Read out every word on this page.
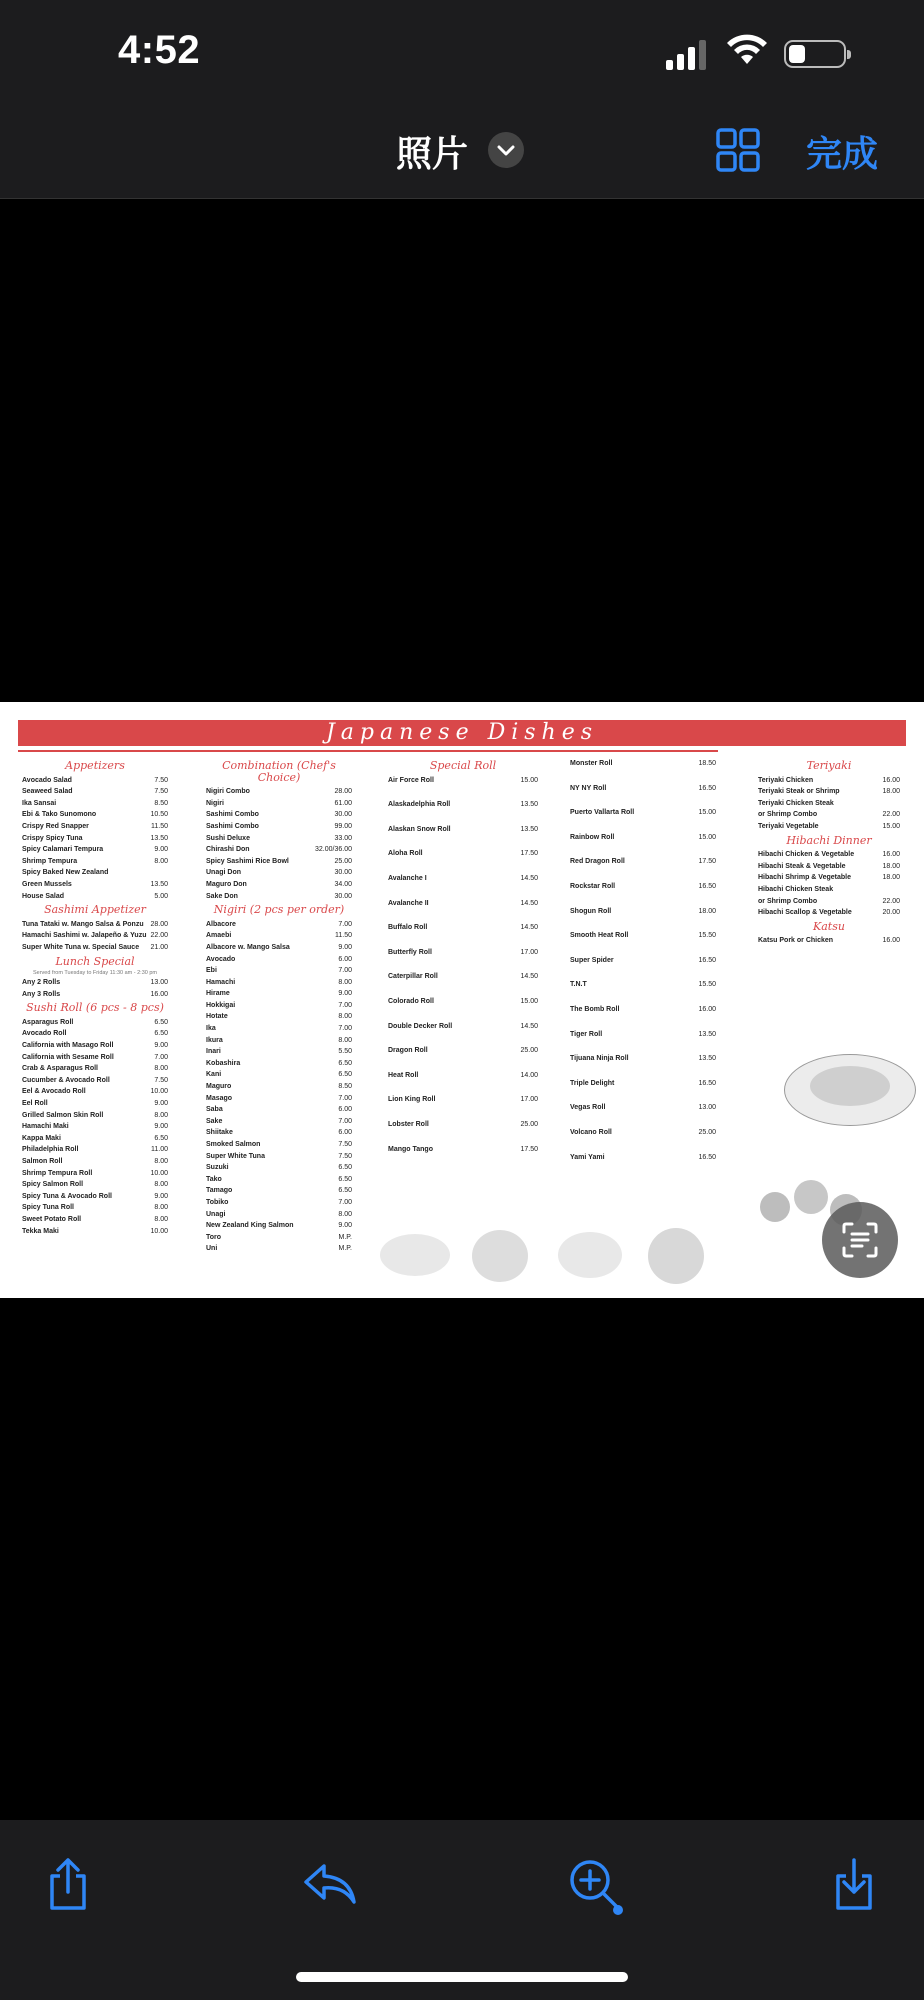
4:52
照片	完成
Japanese Dishes
Appetizers
Avocado Salad	7.50
Seaweed Salad	7.50
Ika Sansai	8.50
Ebi & Tako Sunomono	10.50
Crispy Red Snapper	11.50
Crispy Spicy Tuna	13.50
Spicy Calamari Tempura	9.00
Shrimp Tempura	8.00
Spicy Baked New Zealand
Green Mussels	13.50
House Salad	5.00
Sashimi Appetizer
Tuna Tataki w. Mango Salsa & Ponzu 28.00
Hamachi Sashimi w. Jalapeño & Yuzu 22.00
Super White Tuna w. Special Sauce 21.00
Lunch Special
Served from Tuesday to Friday 11:30 am - 2:30 pm
Any 2 Rolls	13.00
Any 3 Rolls	16.00
Sushi Roll (6 pcs - 8 pcs)
Asparagus Roll	6.50
Avocado Roll	6.50
California with Masago Roll	9.00
California with Sesame Roll	7.00
Crab & Asparagus Roll	8.00
Cucumber & Avocado Roll	7.50
Eel & Avocado Roll	10.00
Eel Roll	9.00
Grilled Salmon Skin Roll	8.00
Hamachi Maki	9.00
Kappa Maki	6.50
Philadelphia Roll	11.00
Salmon Roll	8.00
Shrimp Tempura Roll	10.00
Spicy Salmon Roll	8.00
Spicy Tuna & Avocado Roll	9.00
Spicy Tuna Roll	8.00
Sweet Potato Roll	8.00
Tekka Maki	10.00
Combination (Chef's Choice)
Nigiri Combo	28.00
Nigiri	61.00
Sashimi Combo	30.00
Sashimi Combo	99.00
Sushi Deluxe	33.00
Chirashi Don	32.00/36.00
Spicy Sashimi Rice Bowl	25.00
Unagi Don	30.00
Maguro Don	34.00
Sake Don	30.00
Nigiri (2 pcs per order)
Albacore	7.00
Amaebi	11.50
Albacore w. Mango Salsa	9.00
Avocado	6.00
Ebi	7.00
Hamachi	8.00
Hirame	9.00
Hokkigai	7.00
Hotate	8.00
Ika	7.00
Ikura	8.00
Inari	5.50
Kobashira	6.50
Kani	6.50
Maguro	8.50
Masago	7.00
Saba	6.00
Sake	7.00
Shiitake	6.00
Smoked Salmon	7.50
Super White Tuna	7.50
Suzuki	6.50
Tako	6.50
Tamago	6.50
Tobiko	7.00
Unagi	8.00
New Zealand King Salmon	9.00
Toro	M.P.
Uni	M.P.
Special Roll
Air Force Roll	15.00
Alaskadelphia Roll	13.50
Alaskan Snow Roll	13.50
Aloha Roll	17.50
Avalanche I	14.50
Avalanche II	14.50
Buffalo Roll	14.50
Butterfly Roll	17.00
Caterpillar Roll	14.50
Colorado Roll	15.00
Double Decker Roll	14.50
Dragon Roll	25.00
Heat Roll	14.00
Lion King Roll	17.00
Lobster Roll	25.00
Mango Tango	17.50
Monster Roll	18.50
NY NY Roll	16.50
Puerto Vallarta Roll	15.00
Rainbow Roll	15.00
Red Dragon Roll	17.50
Rockstar Roll	16.50
Shogun Roll	18.00
Smooth Heat Roll	15.50
Super Spider	16.50
T.N.T	15.50
The Bomb Roll	16.00
Tiger Roll	13.50
Tijuana Ninja Roll	13.50
Triple Delight	16.50
Vegas Roll	13.00
Volcano Roll	25.00
Yami Yami	16.50
Teriyaki
Teriyaki Chicken	16.00
Teriyaki Steak or Shrimp	18.00
Teriyaki Chicken Steak
or Shrimp Combo	22.00
Teriyaki Vegetable	15.00
Hibachi Dinner
Hibachi Chicken & Vegetable	16.00
Hibachi Steak & Vegetable	18.00
Hibachi Shrimp & Vegetable	18.00
Hibachi Chicken Steak
or Shrimp Combo	22.00
Hibachi Scallop & Vegetable	20.00
Katsu
Katsu Pork or Chicken	16.00
